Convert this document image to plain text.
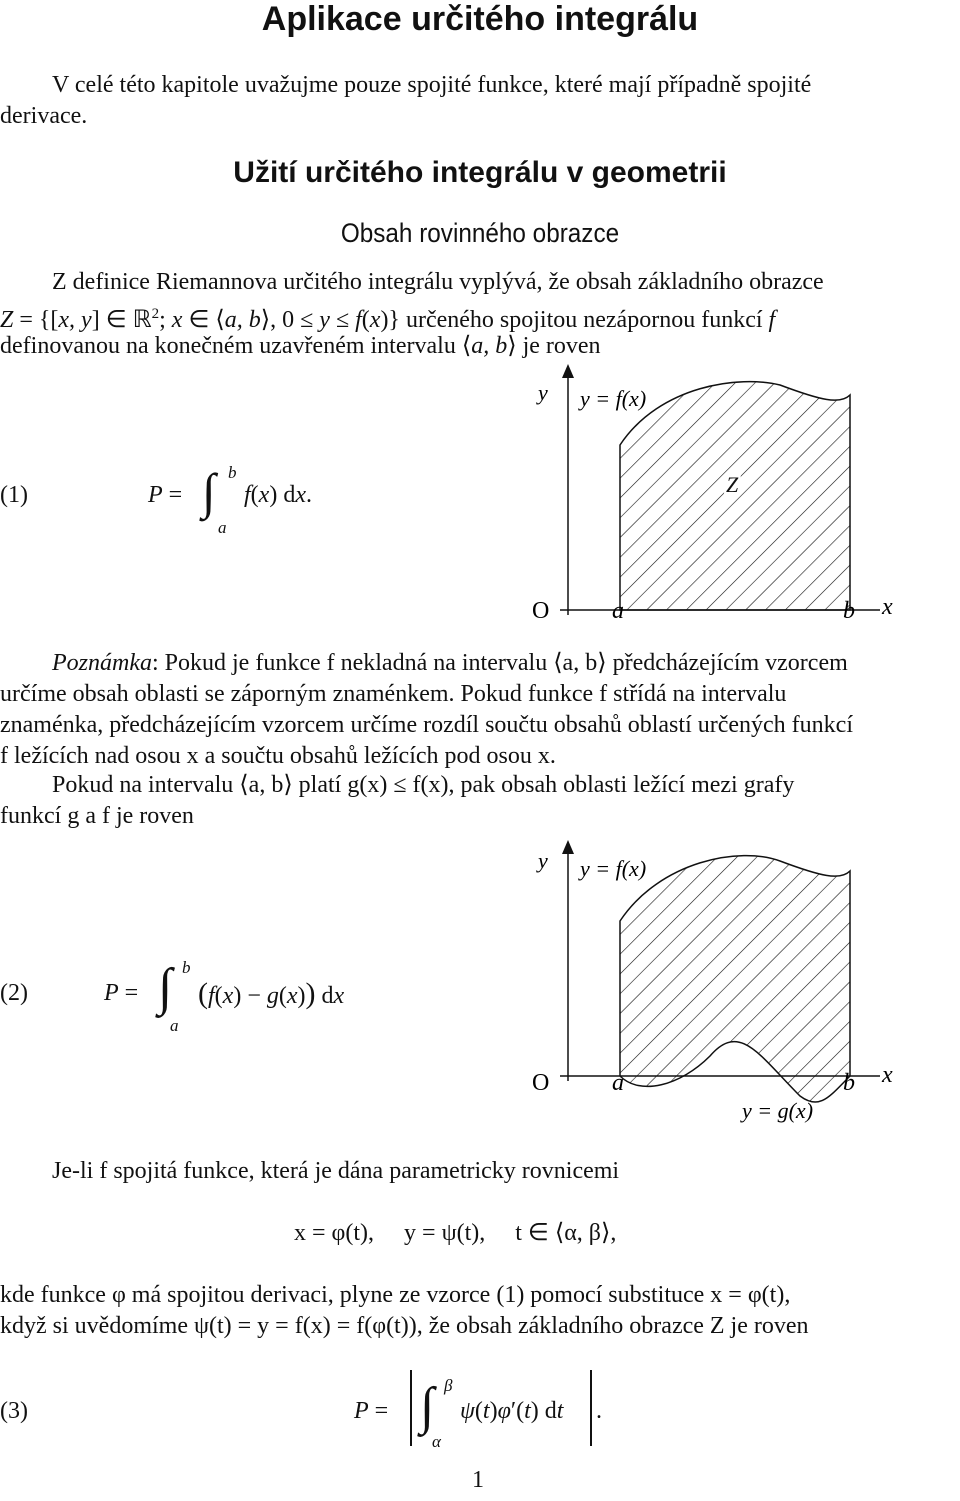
Aplikace určitého integrálu
V celé této kapitole uvažujme pouze spojité funkce, které mají případně spojité
derivace.
Užití určitého integrálu v geometrii
Obsah rovinného obrazce
Z definice Riemannova určitého integrálu vyplývá, že obsah základního obrazce
Z = {[x, y] ∈ ℝ$^2$; x ∈ ⟨a, b⟩, 0 ≤ y ≤ f(x)} určeného spojitou nezápornou funkcí f
definovanou na konečném uzavřeném intervalu ⟨a, b⟩ je roven
(1)	P = ∫ b
a
f(x) dx.
y y = f(x)
Z
O	a	b x
Poznámka: Pokud je funkce f nekladná na intervalu ⟨a, b⟩ předcházejícím vzorcem
určíme obsah oblasti se záporným znaménkem. Pokud funkce f střídá na intervalu
znaménka, předcházejícím vzorcem určíme rozdíl součtu obsahů oblastí určených funkcí
f ležících nad osou x a součtu obsahů ležících pod osou x.
Pokud na intervalu ⟨a, b⟩ platí g(x) ≤ f(x), pak obsah oblasti ležící mezi grafy
funkcí g a f je roven
(2)	P = ∫ b
a
(f(x) − g(x)) dx
y y = f(x)
O	a	b x
y = g(x)
Je-li f spojitá funkce, která je dána parametricky rovnicemi
x = φ(t),     y = ψ(t),     t ∈ ⟨α, β⟩,
kde funkce φ má spojitou derivaci, plyne ze vzorce (1) pomocí substituce x = φ(t),
když si uvědomíme ψ(t) = y = f(x) = f(φ(t)), že obsah základního obrazce Z je roven
(3)	P = ∫ β
α
ψ(t)φ′(t) dt .
1
